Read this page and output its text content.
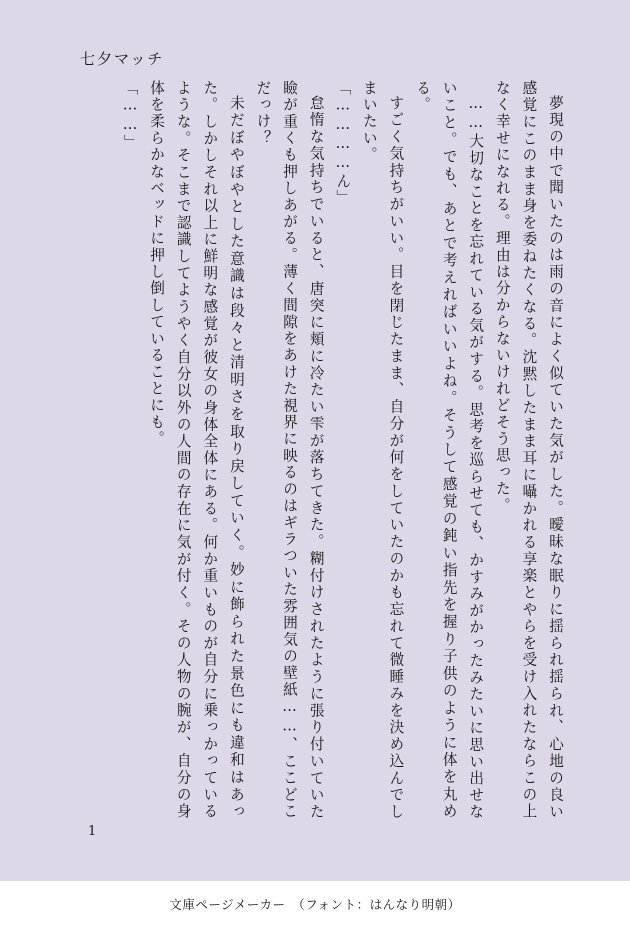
七夕マッチ

夢現の中で聞いたのは雨の音によく似ていた気がした。曖昧な眠りに揺られ揺られ、心地の良い感覚にこのまま身を委ねたくなる。沈黙したまま耳に囁かれる享楽とやらを受け入れたならこの上なく幸せになれる。理由は分からないけれどそう思った。

……大切なことを忘れている気がする。思考を巡らせても、かすみがかったみたいに思い出せないこと。でも、あとで考えればいいよね。そうして感覚の鈍い指先を握り子供のように体を丸める。

すごく気持ちがいい。目を閉じたまま、自分が何をしていたのかも忘れて微睡みを決め込んでしまいたい。

「…………ん」

怠惰な気持ちでいると、唐突に頬に冷たい雫が落ちてきた。糊付けされたように張り付いていた瞼が重くも押しあがる。薄く間隙をあけた視界に映るのはギラついた雰囲気の壁紙……、ここどこだっけ？

未だぼやぼやとした意識は段々と清明さを取り戻していく。妙に飾られた景色にも違和はあった。しかしそれ以上に鮮明な感覚が彼女の身体全体にある。何か重いものが自分に乗っかっているような。そこまで認識してようやく自分以外の人間の存在に気が付く。その人物の腕が、自分の身体を柔らかなベッドに押し倒していることにも。

「……」

1
文庫ページメーカー　（フォント：はんなり明朝）
